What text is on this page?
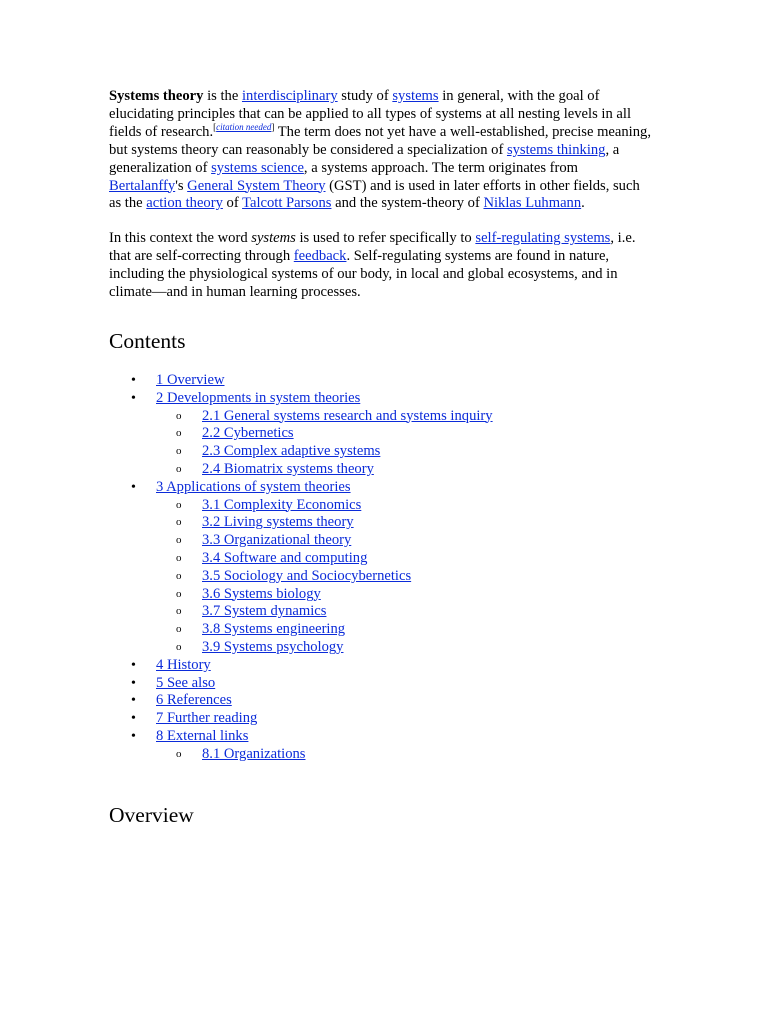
Systems theory is the interdisciplinary study of systems in general, with the goal of elucidating principles that can be applied to all types of systems at all nesting levels in all fields of research.[citation needed] The term does not yet have a well-established, precise meaning, but systems theory can reasonably be considered a specialization of systems thinking, a generalization of systems science, a systems approach. The term originates from Bertalanffy's General System Theory (GST) and is used in later efforts in other fields, such as the action theory of Talcott Parsons and the system-theory of Niklas Luhmann.

In this context the word systems is used to refer specifically to self-regulating systems, i.e. that are self-correcting through feedback. Self-regulating systems are found in nature, including the physiological systems of our body, in local and global ecosystems, and in climate—and in human learning processes.

Contents
• 1 Overview
• 2 Developments in system theories
o 2.1 General systems research and systems inquiry
o 2.2 Cybernetics
o 2.3 Complex adaptive systems
o 2.4 Biomatrix systems theory
• 3 Applications of system theories
o 3.1 Complexity Economics
o 3.2 Living systems theory
o 3.3 Organizational theory
o 3.4 Software and computing
o 3.5 Sociology and Sociocybernetics
o 3.6 Systems biology
o 3.7 System dynamics
o 3.8 Systems engineering
o 3.9 Systems psychology
• 4 History
• 5 See also
• 6 References
• 7 Further reading
• 8 External links
o 8.1 Organizations
Overview
